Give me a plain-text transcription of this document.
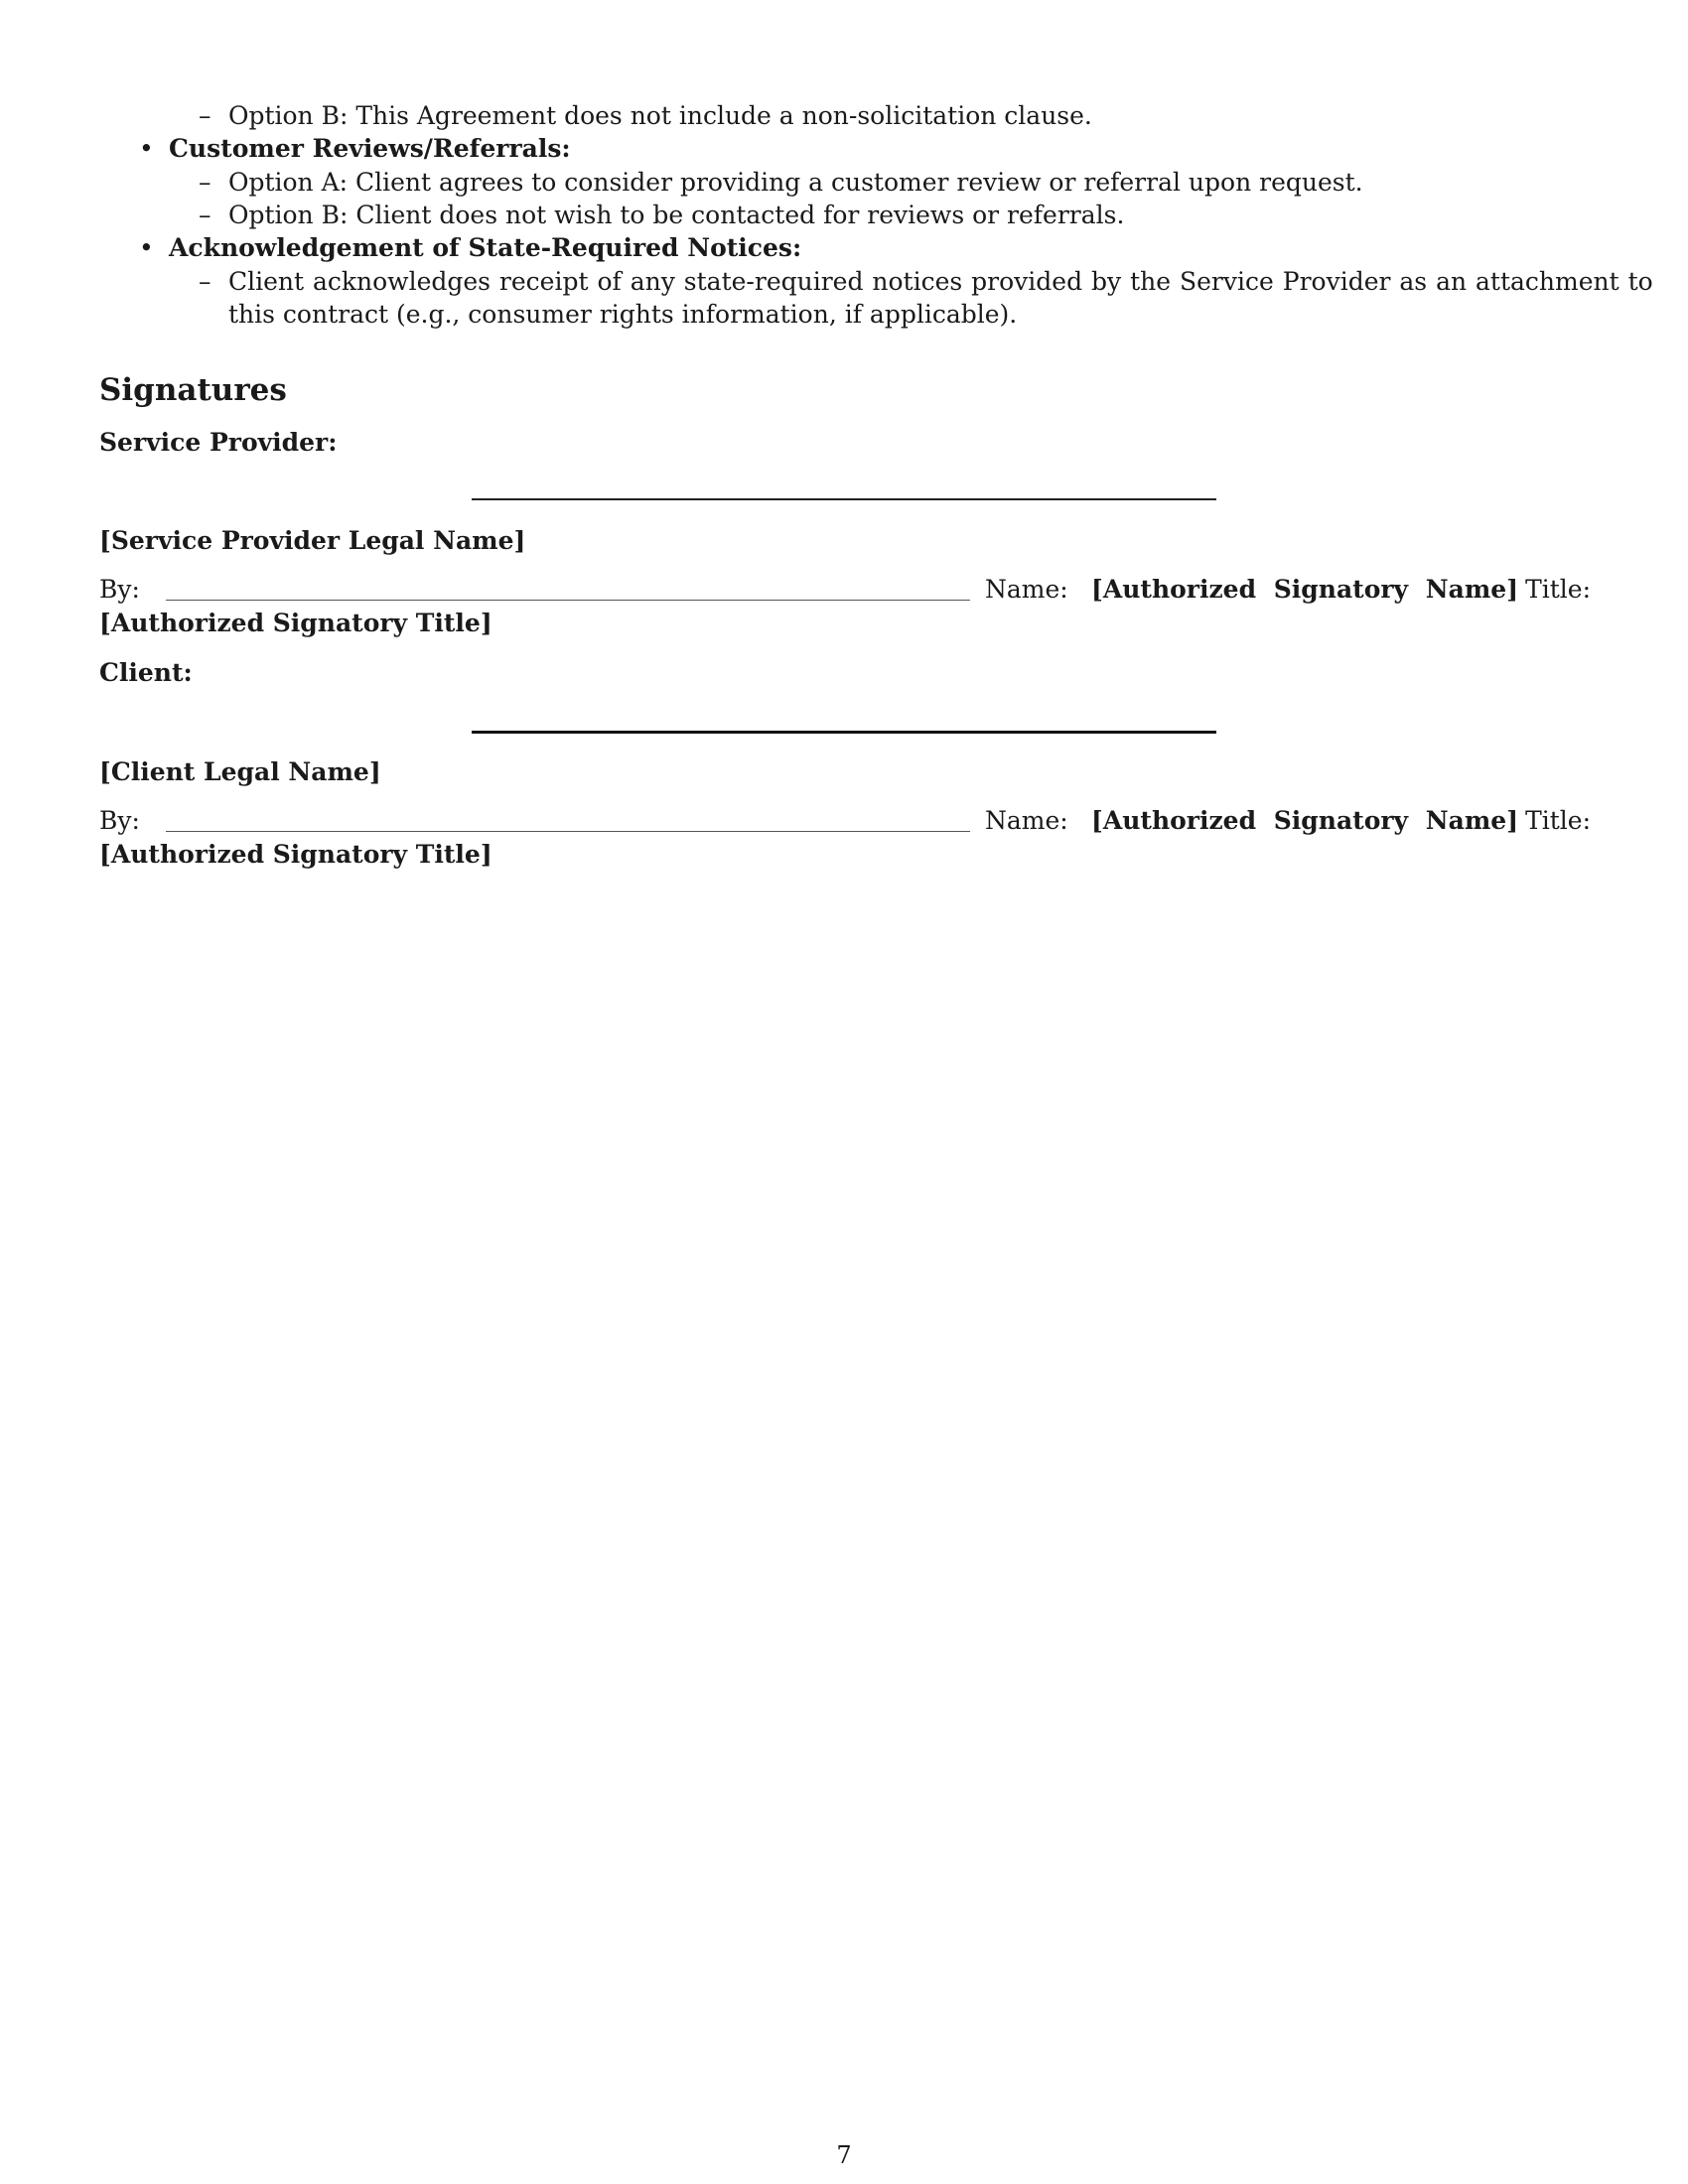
– Option B: This Agreement does not include a non-solicitation clause.
• Customer Reviews/Referrals:
– Option A: Client agrees to consider providing a customer review or referral upon request.
– Option B: Client does not wish to be contacted for reviews or referrals.
• Acknowledgement of State-Required Notices:
– Client acknowledges receipt of any state-required notices provided by the Service Provider as an attachment to
this contract (e.g., consumer rights information, if applicable).
Signatures
Service Provider:
[Service Provider Legal Name]
By:	Name: [Authorized Signatory Name] Title:
[Authorized Signatory Title]
Client:
[Client Legal Name]
By:	Name: [Authorized Signatory Name] Title:
[Authorized Signatory Title]
7
